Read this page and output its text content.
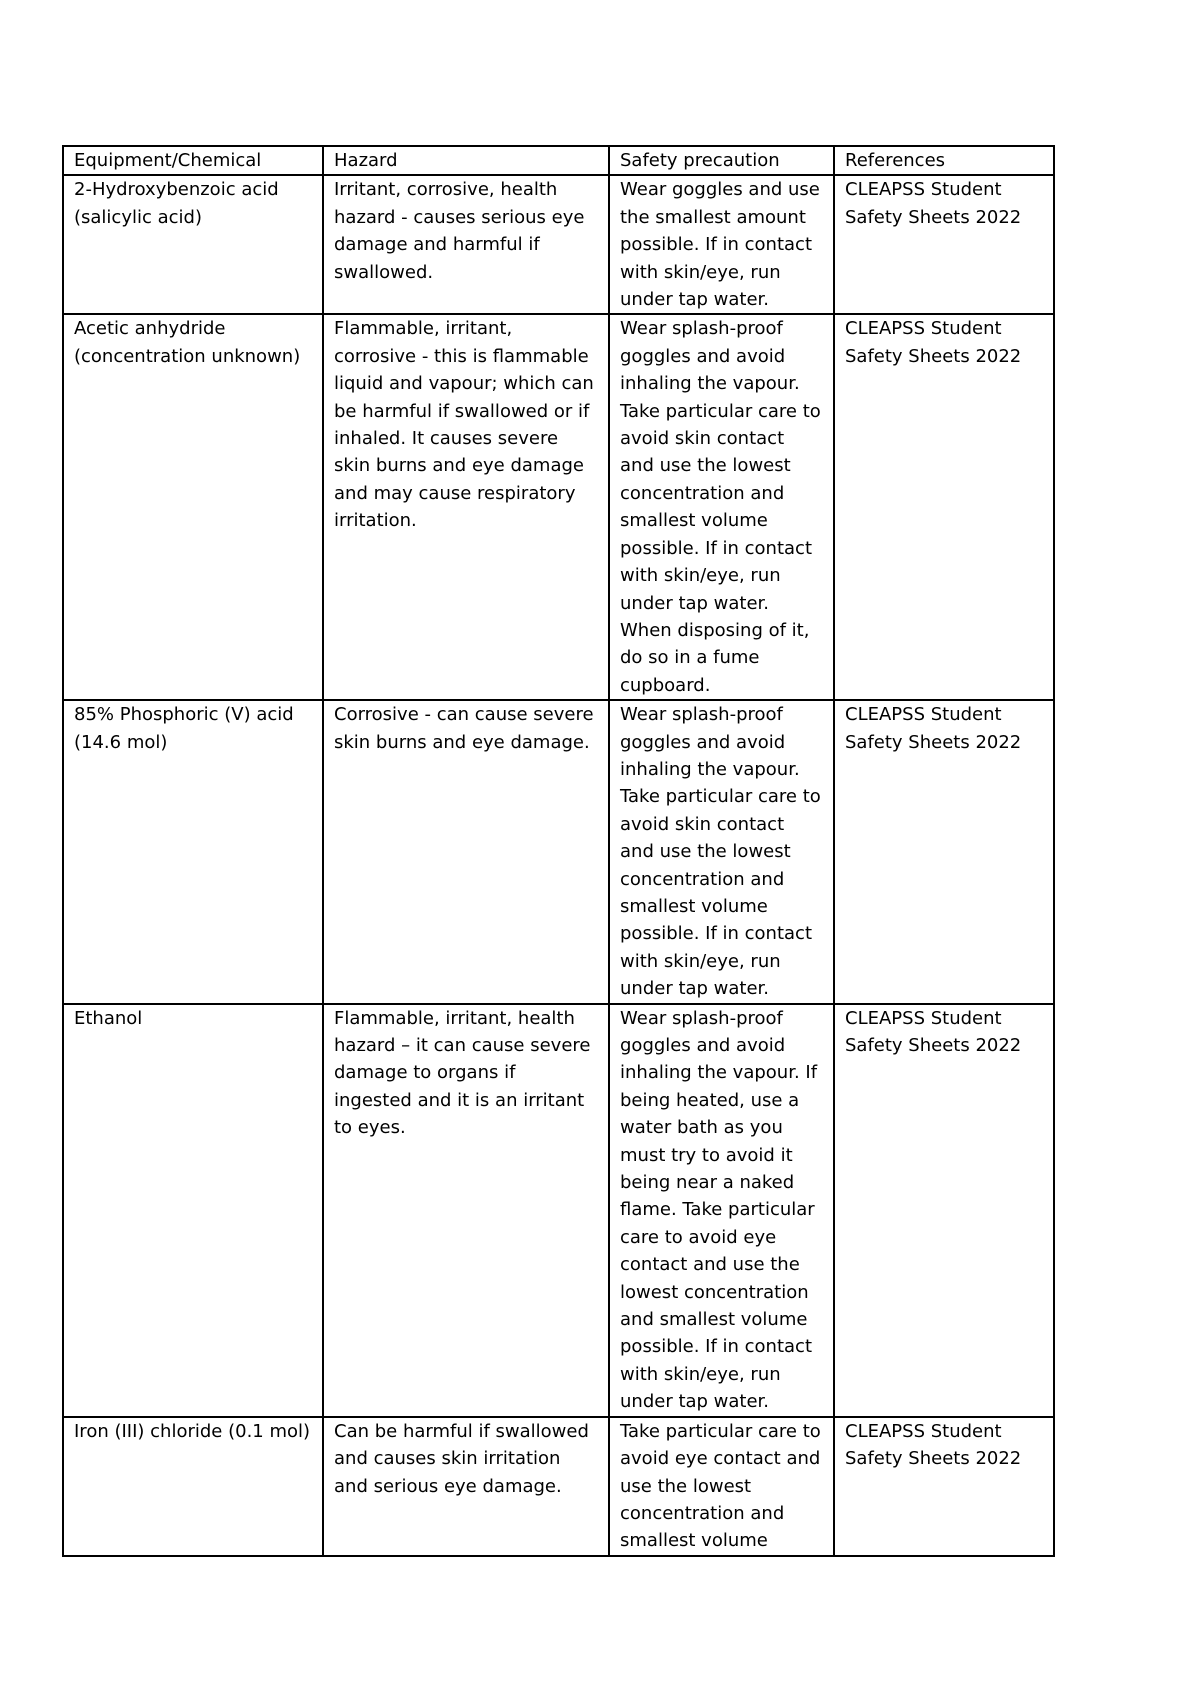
Equipment/Chemical	Hazard	Safety precaution	References
2-Hydroxybenzoic acid (salicylic acid)	Irritant, corrosive, health hazard - causes serious eye damage and harmful if swallowed.	Wear goggles and use the smallest amount possible. If in contact with skin/eye, run under tap water.	CLEAPSS Student Safety Sheets 2022
Acetic anhydride (concentration unknown)	Flammable, irritant, corrosive - this is flammable liquid and vapour; which can be harmful if swallowed or if inhaled. It causes severe skin burns and eye damage and may cause respiratory irritation.	Wear splash-proof goggles and avoid inhaling the vapour. Take particular care to avoid skin contact and use the lowest concentration and smallest volume possible. If in contact with skin/eye, run under tap water. When disposing of it, do so in a fume cupboard.	CLEAPSS Student Safety Sheets 2022
85% Phosphoric (V) acid (14.6 mol)	Corrosive - can cause severe skin burns and eye damage.	Wear splash-proof goggles and avoid inhaling the vapour. Take particular care to avoid skin contact and use the lowest concentration and smallest volume possible. If in contact with skin/eye, run under tap water.	CLEAPSS Student Safety Sheets 2022
Ethanol	Flammable, irritant, health hazard – it can cause severe damage to organs if ingested and it is an irritant to eyes.	Wear splash-proof goggles and avoid inhaling the vapour. If being heated, use a water bath as you must try to avoid it being near a naked flame. Take particular care to avoid eye contact and use the lowest concentration and smallest volume possible. If in contact with skin/eye, run under tap water.	CLEAPSS Student Safety Sheets 2022
Iron (III) chloride (0.1 mol)	Can be harmful if swallowed and causes skin irritation and serious eye damage.	Take particular care to avoid eye contact and use the lowest concentration and smallest volume	CLEAPSS Student Safety Sheets 2022
